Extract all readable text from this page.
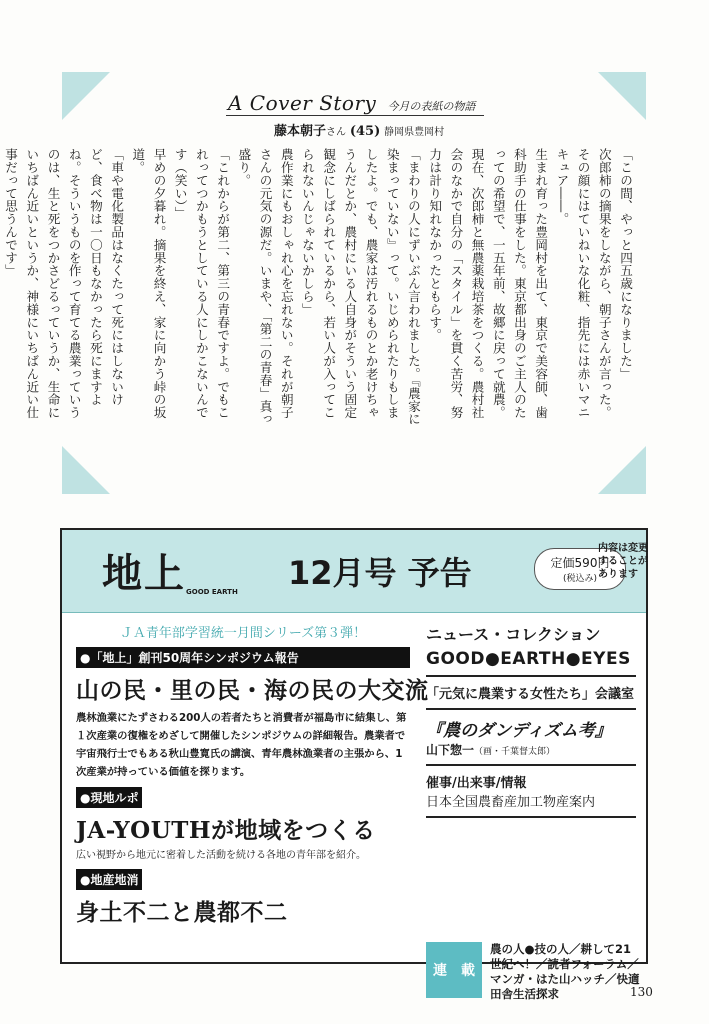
A Cover Story 今月の表紙の物語
藤本朝子さん (45) 静岡県豊岡村

「この間、やっと四五歳になりました」

次郎柿の摘果をしながら、朝子さんが言った。その顔にはていねいな化粧、指先には赤いマニキュア――。

生まれ育った豊岡村を出て、東京で美容師、歯科助手の仕事をした。東京都出身のご主人のたっての希望で、一五年前、故郷に戻って就農。現在、次郎柿と無農薬栽培茶をつくる。農村社会のなかで自分の「スタイル」を貫く苦労、努力は計り知れなかったともらす。

「まわりの人にずいぶん言われました。『農家に染まっていない』って。いじめられたりもしましたよ。でも、農家は汚れるものとか老けちゃうんだとか、農村にいる人自身がそういう固定観念にしばられているから、若い人が入ってこられないんじゃないかしら」

農作業にもおしゃれ心を忘れない。それが朝子さんの元気の源だ。いまや、「第二の青春」真っ盛り。

「これからが第二、第三の青春ですよ。でもこれってつかもうとしている人にしかこないんです（笑い）」

早めの夕暮れ。摘果を終え、家に向かう峠の坂道。

「車や電化製品はなくたって死にはしないけど、食べ物は一〇日もなかったら死にますよね。そういうものを作って育てる農業っていうのは、生と死をつかさどるっていうか、生命にいちばん近いというか、神様にいちばん近い仕事だって思うんです」

地上 GOOD EARTH 12月号 予告	定価590円
(税込み)
内容は変更することがあります
ＪＡ青年部学習統一月間シリーズ第３弾！
●「地上」創刊50周年シンポジウム報告
山の民・里の民・海の民の大交流
農林漁業にたずさわる200人の若者たちと消費者が福島市に結集し、第１次産業の復権をめざして開催したシンポジウムの詳細報告。農業者で宇宙飛行士でもある秋山豊寛氏の講演、青年農林漁業者の主張から、1次産業が持っている価値を探ります。
●現地ルポ
JA-YOUTHが地域をつくる
広い視野から地元に密着した活動を続ける各地の青年部を紹介。
●地産地消
身土不二と農都不二
ニュース・コレクション
GOOD●EARTH●EYES
「元気に農業する女性たち」会議室
『農のダンディズム考』
山下惣一（画・千葉督太郎）
催事/出来事/情報
日本全国農畜産加工物産案内
連　載
農の人●技の人／耕して21世紀へ！／読者フォーラム／マンガ・はた山ハッチ／快適田舎生活探求	130
